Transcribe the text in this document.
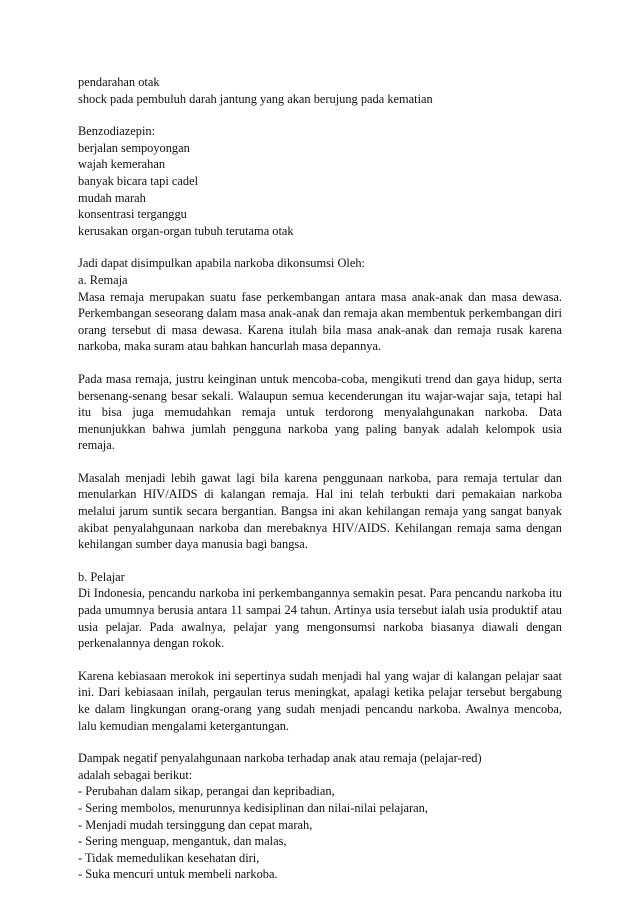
pendarahan otak
shock pada pembuluh darah jantung yang akan berujung pada kematian
Benzodiazepin:
berjalan sempoyongan
wajah kemerahan
banyak bicara tapi cadel
mudah marah
konsentrasi terganggu
kerusakan organ-organ tubuh terutama otak
Jadi dapat disimpulkan apabila narkoba dikonsumsi Oleh:
a. Remaja

Masa remaja merupakan suatu fase perkembangan antara masa anak-anak dan masa dewasa. Perkembangan seseorang dalam masa anak-anak dan remaja akan membentuk perkembangan diri orang tersebut di masa dewasa. Karena itulah bila masa anak-anak dan remaja rusak karena narkoba, maka suram atau bahkan hancurlah masa depannya.

Pada masa remaja, justru keinginan untuk mencoba-coba, mengikuti trend dan gaya hidup, serta bersenang-senang besar sekali. Walaupun semua kecenderungan itu wajar-wajar saja, tetapi hal itu bisa juga memudahkan remaja untuk terdorong menyalahgunakan narkoba. Data menunjukkan bahwa jumlah pengguna narkoba yang paling banyak adalah kelompok usia remaja.

Masalah menjadi lebih gawat lagi bila karena penggunaan narkoba, para remaja tertular dan menularkan HIV/AIDS di kalangan remaja. Hal ini telah terbukti dari pemakaian narkoba melalui jarum suntik secara bergantian. Bangsa ini akan kehilangan remaja yang sangat banyak akibat penyalahgunaan narkoba dan merebaknya HIV/AIDS. Kehilangan remaja sama dengan kehilangan sumber daya manusia bagi bangsa.

b. Pelajar

Di Indonesia, pencandu narkoba ini perkembangannya semakin pesat. Para pencandu narkoba itu pada umumnya berusia antara 11 sampai 24 tahun. Artinya usia tersebut ialah usia produktif atau usia pelajar. Pada awalnya, pelajar yang mengonsumsi narkoba biasanya diawali dengan perkenalannya dengan rokok.

Karena kebiasaan merokok ini sepertinya sudah menjadi hal yang wajar di kalangan pelajar saat ini. Dari kebiasaan inilah, pergaulan terus meningkat, apalagi ketika pelajar tersebut bergabung ke dalam lingkungan orang-orang yang sudah menjadi pencandu narkoba. Awalnya mencoba, lalu kemudian mengalami ketergantungan.

Dampak negatif penyalahgunaan narkoba terhadap anak atau remaja (pelajar-red)
adalah sebagai berikut:
- Perubahan dalam sikap, perangai dan kepribadian,
- Sering membolos, menurunnya kedisiplinan dan nilai-nilai pelajaran,
- Menjadi mudah tersinggung dan cepat marah,
- Sering menguap, mengantuk, dan malas,
- Tidak memedulikan kesehatan diri,
- Suka mencuri untuk membeli narkoba.
